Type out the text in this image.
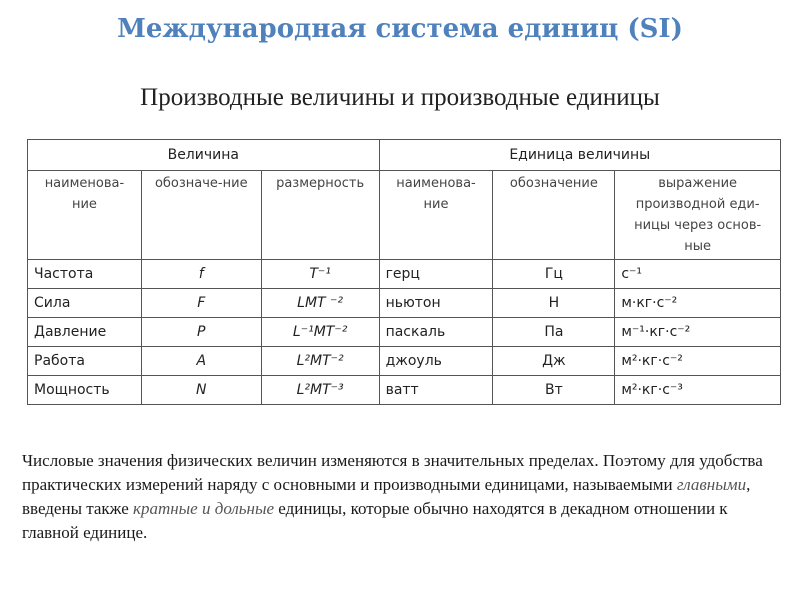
Международная система единиц (SI)
Производные величины и производные единицы
Величина			Единица величины		
наименова-ние	обозначе-ние	размерность	наименова-ние	обозначение	выражение производной еди-ницы через основ-ные
Частота	f	T⁻¹	герц	Гц	с⁻¹
Сила	F	LMT ⁻²	ньютон	Н	м·кг·с⁻²
Давление	P	L⁻¹MT⁻²	паскаль	Па	м⁻¹·кг·с⁻²
Работа	A	L²MT⁻²	джоуль	Дж	м²·кг·с⁻²
Мощность	N	L²MT⁻³	ватт	Вт	м²·кг·с⁻³
Числовые значения физических величин изменяются в значительных пределах. Поэтому для удобства практических измерений наряду с основными и производными единицами, называемыми главными, введены также кратные и дольные единицы, которые обычно находятся в декадном отношении к главной единице.
